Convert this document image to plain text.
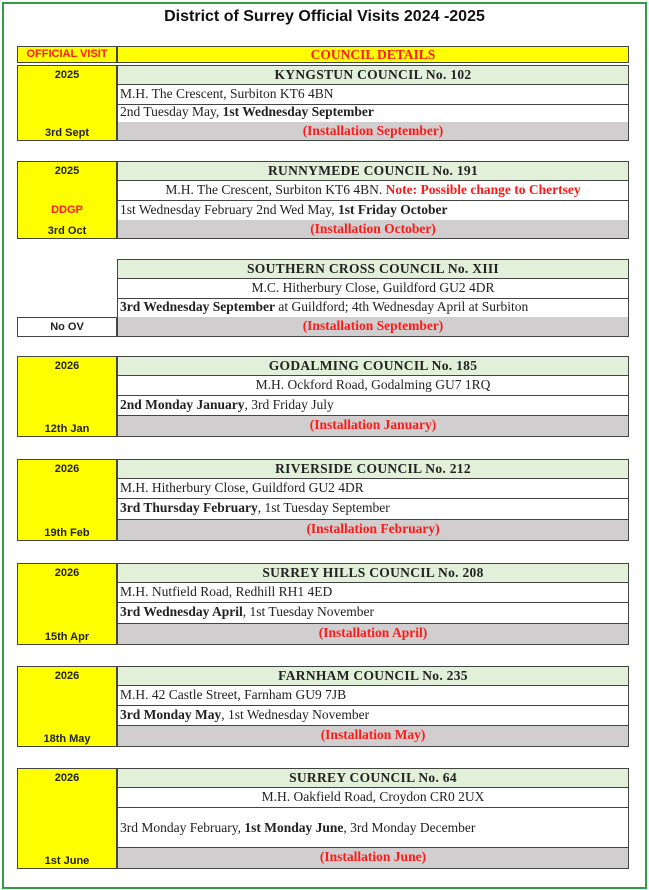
District of Surrey Official Visits 2024 -2025
OFFICIAL VISIT	COUNCIL DETAILS
2025
3rd Sept
KYNGSTUN COUNCIL No. 102
M.H. The Crescent, Surbiton KT6 4BN
2nd Tuesday May, 1st Wednesday September
(Installation September)
2025
DDGP
3rd Oct
RUNNYMEDE COUNCIL No. 191
M.H. The Crescent, Surbiton KT6 4BN. Note: Possible change to Chertsey
1st Wednesday February 2nd Wed May, 1st Friday October
(Installation October)
No OV
SOUTHERN CROSS COUNCIL No. XIII
M.C. Hitherbury Close, Guildford GU2 4DR
3rd Wednesday September at Guildford; 4th Wednesday April at Surbiton
(Installation September)
2026
12th Jan
GODALMING COUNCIL No. 185
M.H. Ockford Road, Godalming GU7 1RQ
2nd Monday January, 3rd Friday July
(Installation January)
2026
19th Feb
RIVERSIDE COUNCIL No. 212
M.H. Hitherbury Close, Guildford GU2 4DR
3rd Thursday February, 1st Tuesday September
(Installation February)
2026
15th Apr
SURREY HILLS COUNCIL No. 208
M.H. Nutfield Road, Redhill RH1 4ED
3rd Wednesday April, 1st Tuesday November
(Installation April)
2026
18th May
FARNHAM COUNCIL No. 235
M.H. 42 Castle Street, Farnham GU9 7JB
3rd Monday May, 1st Wednesday November
(Installation May)
2026
1st June
SURREY COUNCIL No. 64
M.H. Oakfield Road, Croydon CR0 2UX
3rd Monday February, 1st Monday June, 3rd Monday December
(Installation June)
